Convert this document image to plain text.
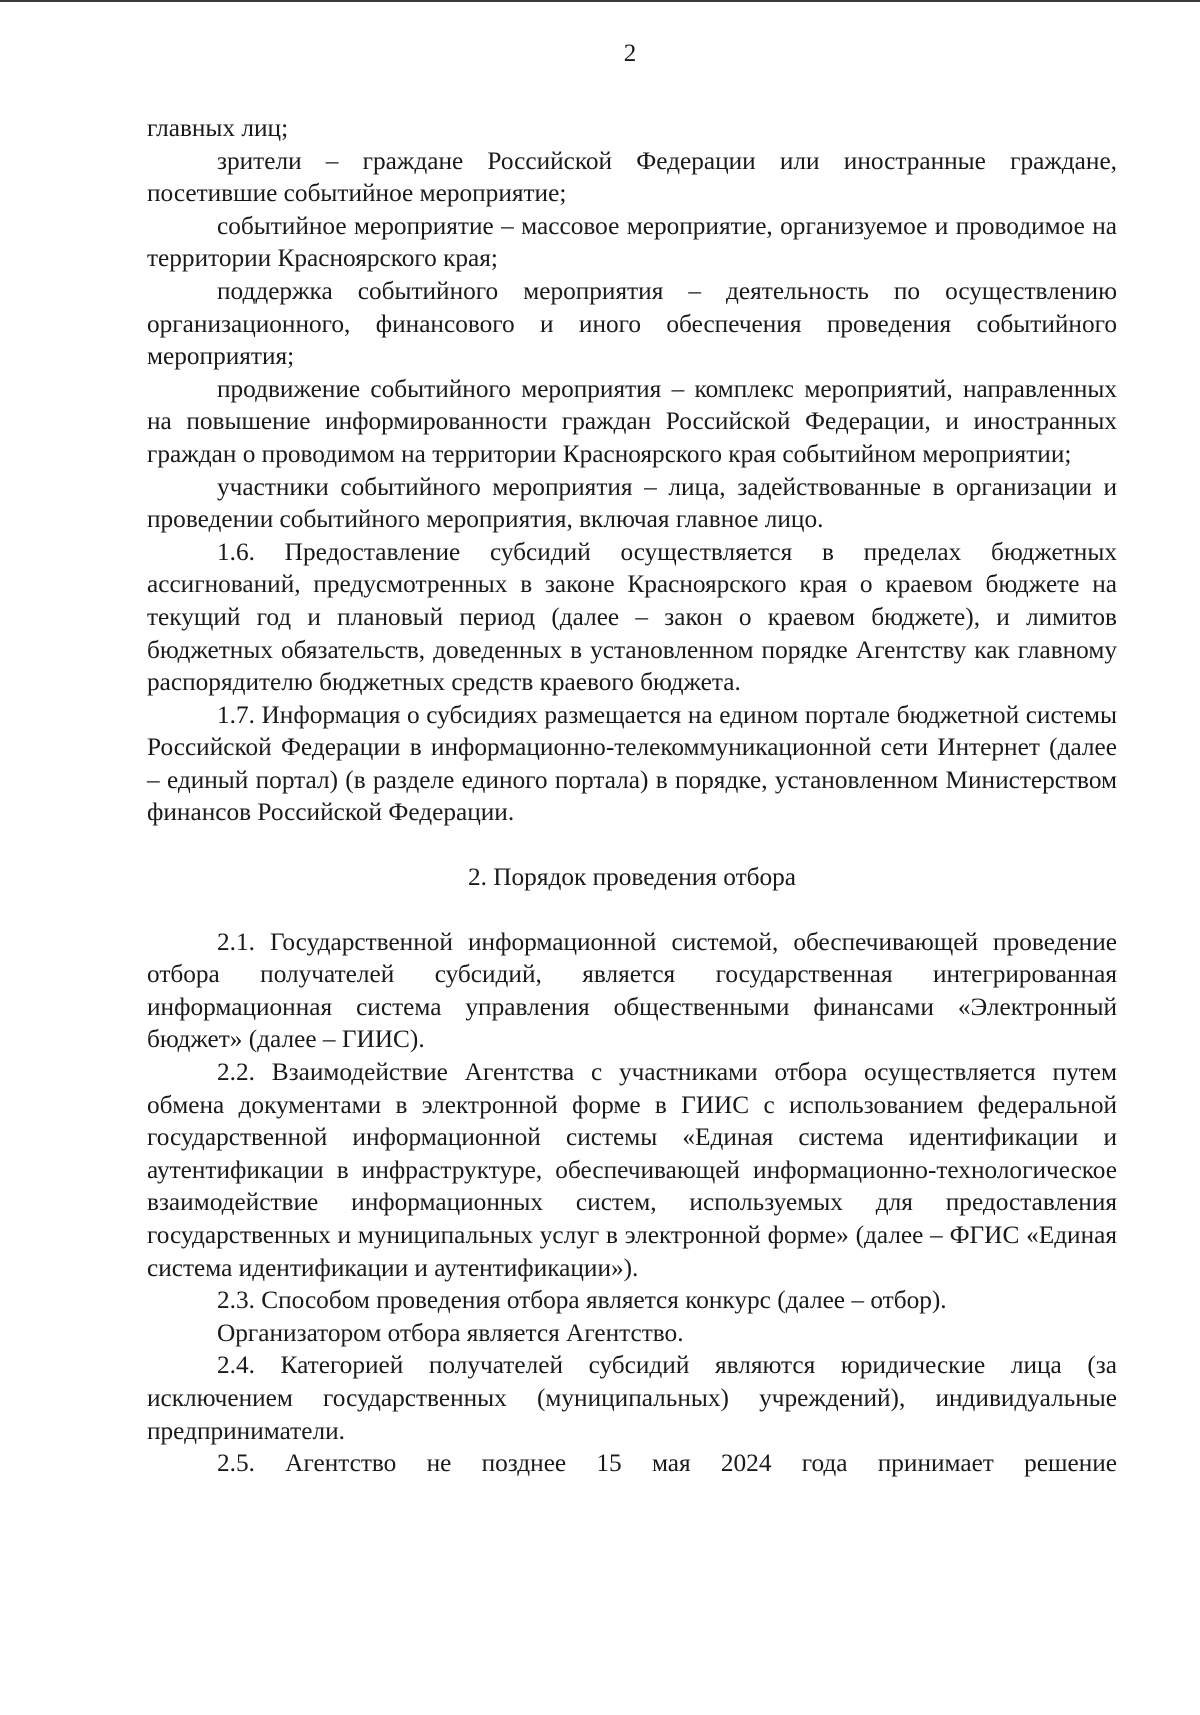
2

главных лиц;

зрители – граждане Российской Федерации или иностранные граждане, посетившие событийное мероприятие;

событийное мероприятие – массовое мероприятие, организуемое и проводимое на территории Красноярского края;

поддержка событийного мероприятия – деятельность по осуществлению организационного, финансового и иного обеспечения проведения событийного мероприятия;

продвижение событийного мероприятия – комплекс мероприятий, направленных на повышение информированности граждан Российской Федерации, и иностранных граждан о проводимом на территории Красноярского края событийном мероприятии;

участники событийного мероприятия – лица, задействованные в организации и проведении событийного мероприятия, включая главное лицо.

1.6. Предоставление субсидий осуществляется в пределах бюджетных ассигнований, предусмотренных в законе Красноярского края о краевом бюджете на текущий год и плановый период (далее – закон о краевом бюджете), и лимитов бюджетных обязательств, доведенных в установленном порядке Агентству как главному распорядителю бюджетных средств краевого бюджета.

1.7. Информация о субсидиях размещается на едином портале бюджетной системы Российской Федерации в информационно-телекоммуникационной сети Интернет (далее – единый портал) (в разделе единого портала) в порядке, установленном Министерством финансов Российской Федерации.

2. Порядок проведения отбора

2.1. Государственной информационной системой, обеспечивающей проведение отбора получателей субсидий, является государственная интегрированная информационная система управления общественными финансами «Электронный бюджет» (далее – ГИИС).

2.2. Взаимодействие Агентства с участниками отбора осуществляется путем обмена документами в электронной форме в ГИИС с использованием федеральной государственной информационной системы «Единая система идентификации и аутентификации в инфраструктуре, обеспечивающей информационно-технологическое взаимодействие информационных систем, используемых для предоставления государственных и муниципальных услуг в электронной форме» (далее – ФГИС «Единая система идентификации и аутентификации»).

2.3. Способом проведения отбора является конкурс (далее – отбор).

Организатором отбора является Агентство.

2.4. Категорией получателей субсидий являются юридические лица (за исключением государственных (муниципальных) учреждений), индивидуальные предприниматели.

2.5. Агентство не позднее 15 мая 2024 года принимает решение
